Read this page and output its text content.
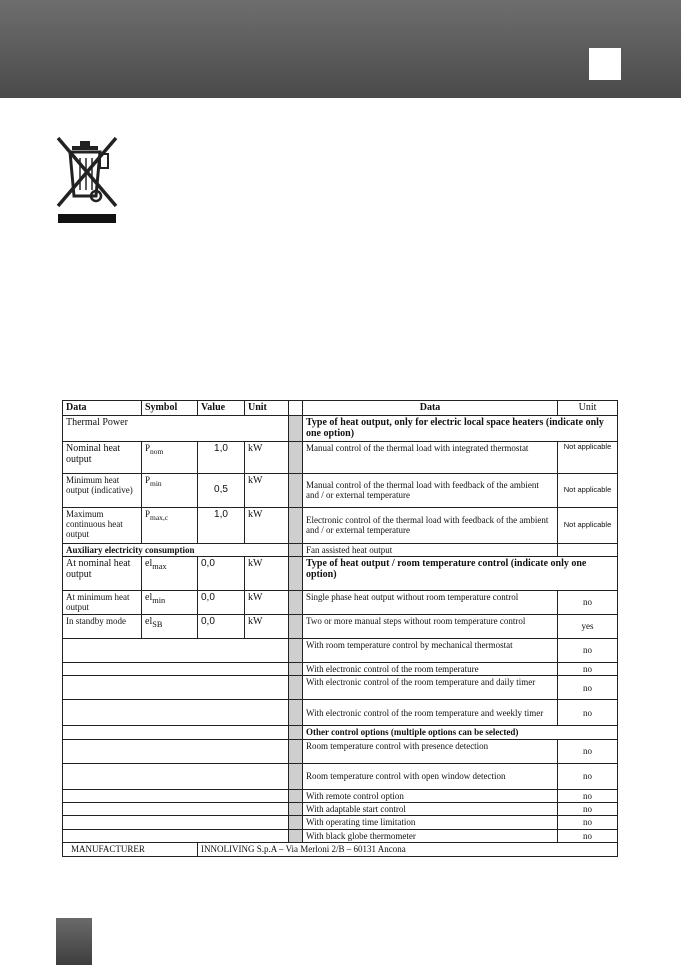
Data	Symbol	Value	Unit		Data	Unit
Thermal Power					Type of heat output, only for electric local space heaters (indicate only one option)	
Nominal heat output	$P_{nom}$	1,0	kW		Manual control of the thermal load with integrated thermostat	Not applicable
Minimum heat output (indicative)	$P_{min}$	0,5	kW		Manual control of the thermal load with feedback of the ambient and / or external temperature	Not applicable
Maximum continuous heat output	$P_{max,c}$	1,0	kW		Electronic control of the thermal load with feedback of the ambient and / or external temperature	Not applicable
Auxiliary electricity consumption					Fan assisted heat output	
At nominal heat output	$el_{max}$	0,0	kW		Type of heat output / room temperature control (indicate only one option)	
At minimum heat output	$el_{min}$	0,0	kW		Single phase heat output without room temperature control	no
In standby mode	$el_{SB}$	0,0	kW		Two or more manual steps without room temperature control	yes
					With room temperature control by mechanical thermostat	no
					With electronic control of the room temperature	no
					With electronic control of the room temperature and daily timer	no
					With electronic control of the room temperature and weekly timer	no
					Other control options (multiple options can be selected)	
					Room temperature control with presence detection	no
					Room temperature control with open window detection	no
					With remote control option	no
					With adaptable start control	no
					With operating time limitation	no
					With black globe thermometer	no
MANUFACTURER		INNOLIVING S.p.A – Via Merloni 2/B – 60131 Ancona				
